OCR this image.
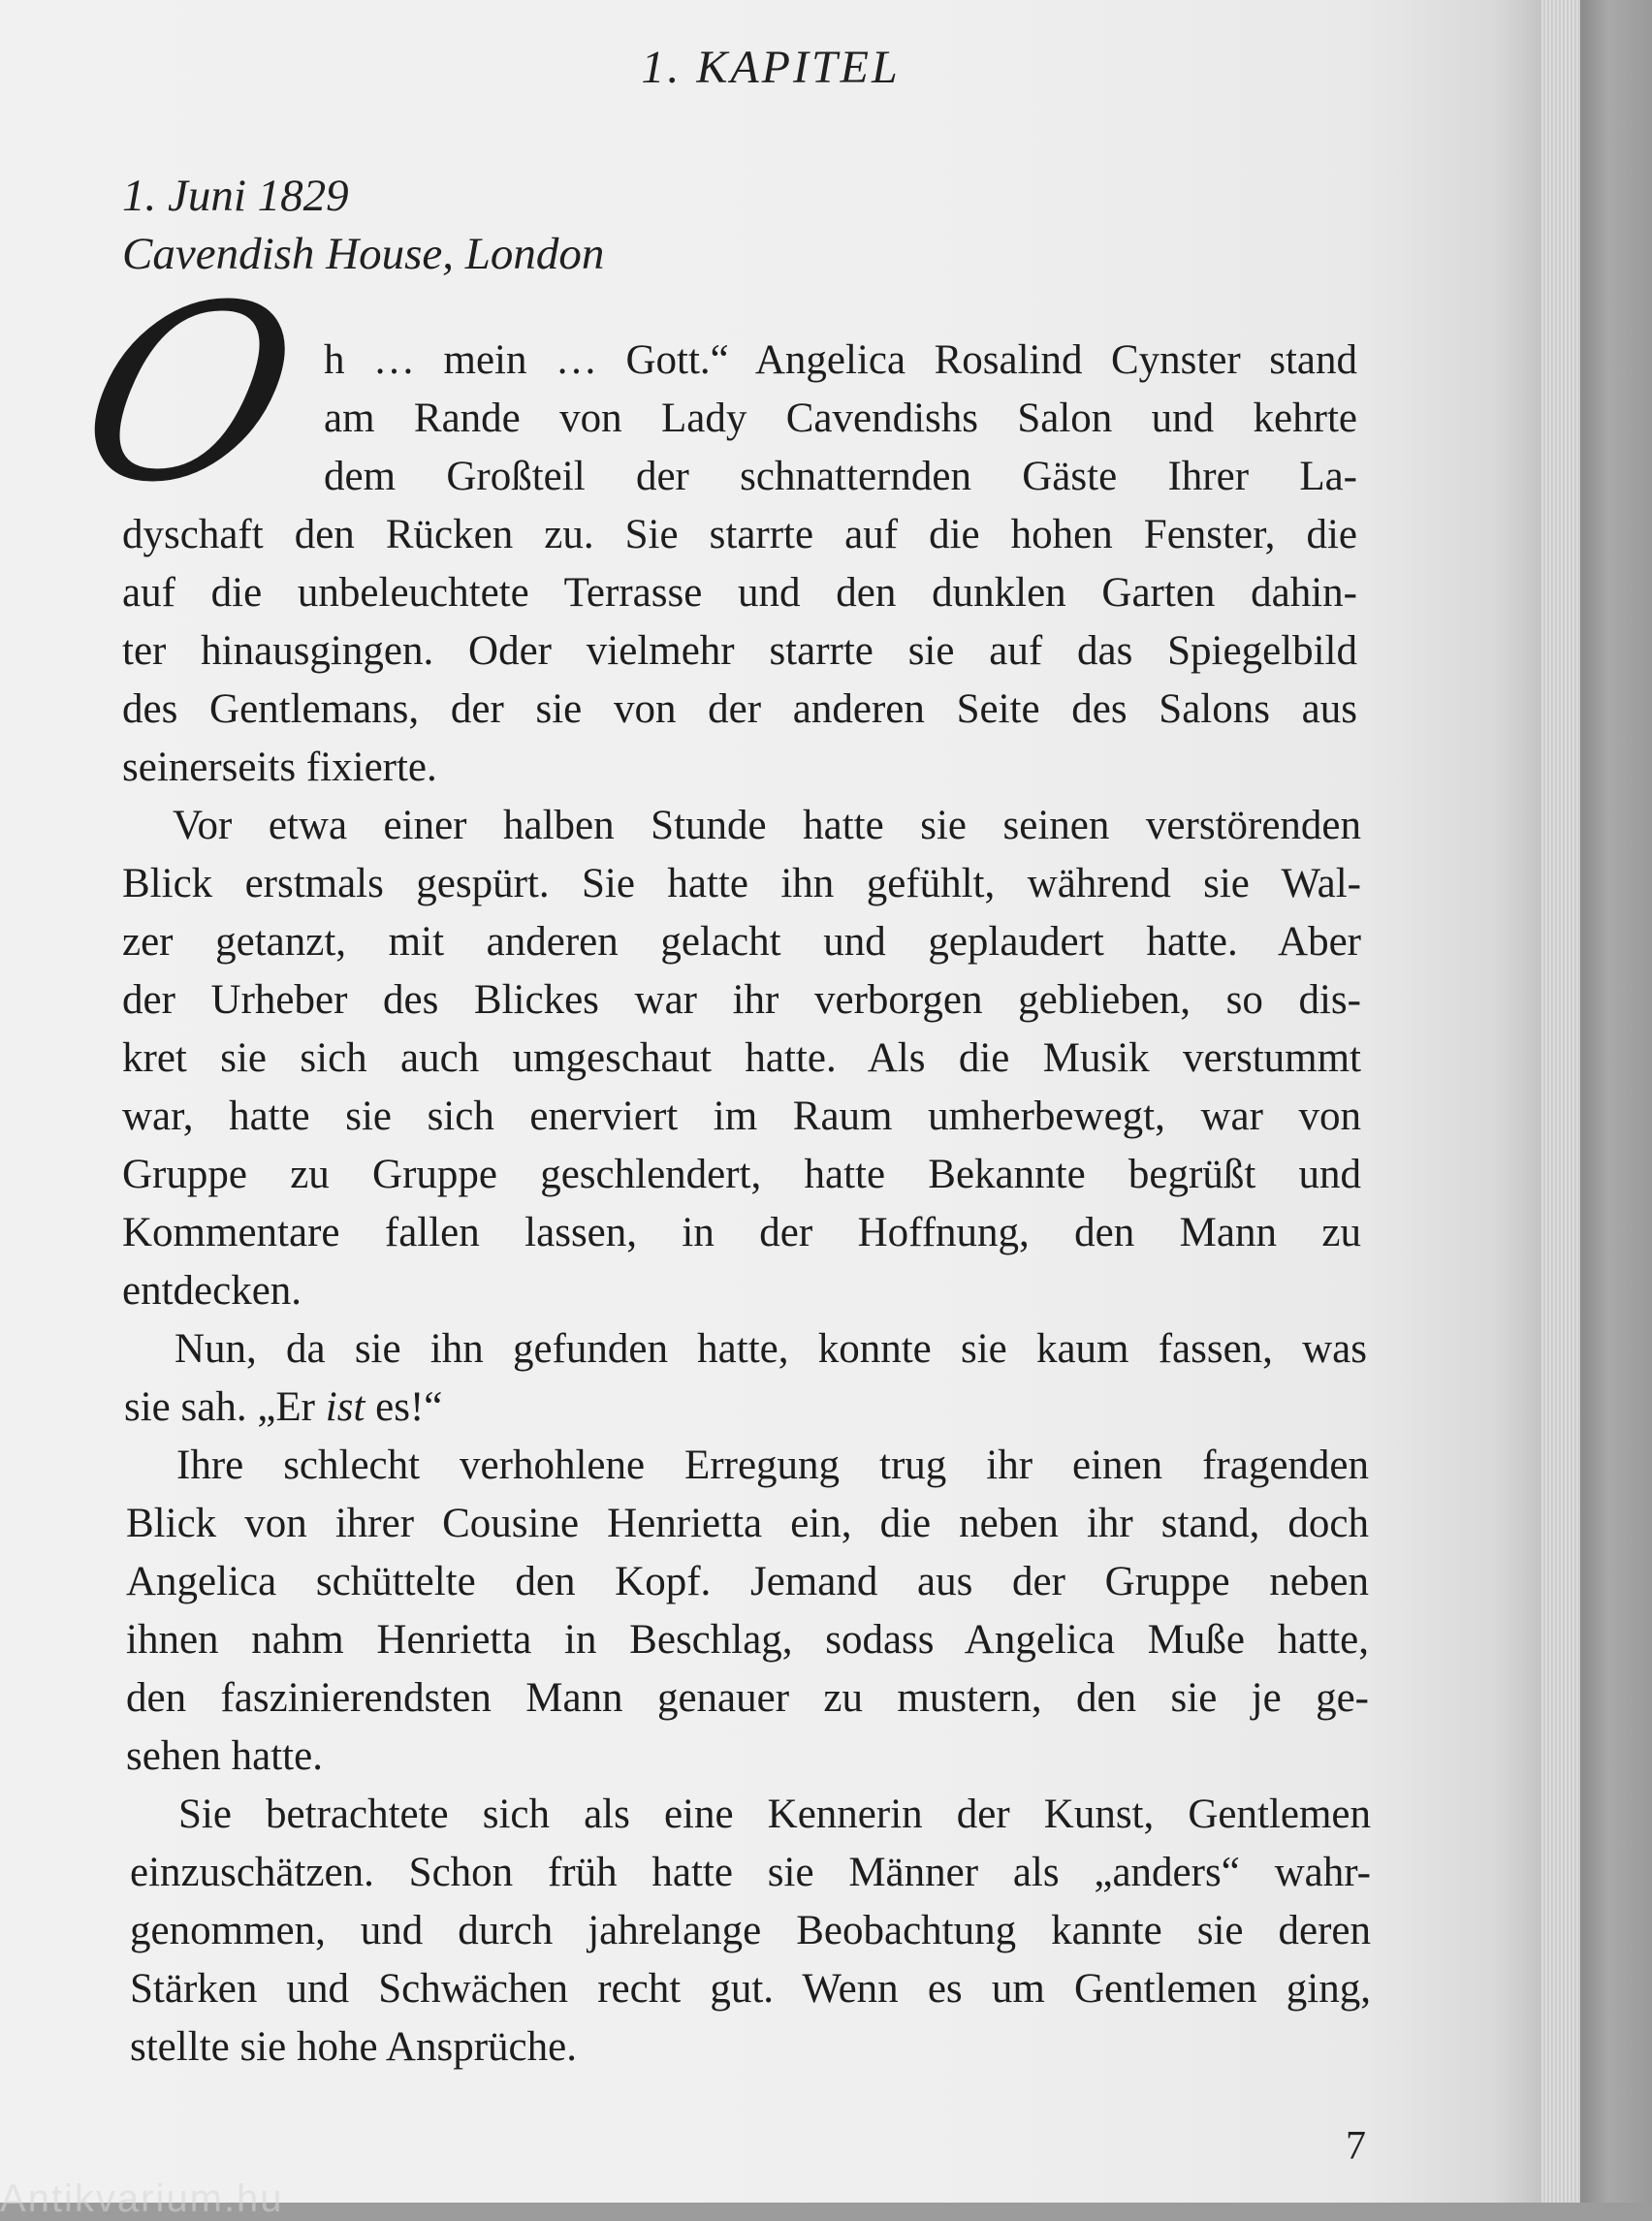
1. KAPITEL
1. Juni 1829
Cavendish House, London
O h … mein … Gott.“ Angelica Rosalind Cynster stand
am Rande von Lady Cavendishs Salon und kehrte
dem Großteil der schnatternden Gäste Ihrer La-
dyschaft den Rücken zu. Sie starrte auf die hohen Fenster, die
auf die unbeleuchtete Terrasse und den dunklen Garten dahin-
ter hinausgingen. Oder vielmehr starrte sie auf das Spiegelbild
des Gentlemans, der sie von der anderen Seite des Salons aus
seinerseits fixierte.
Vor etwa einer halben Stunde hatte sie seinen verstörenden
Blick erstmals gespürt. Sie hatte ihn gefühlt, während sie Wal-
zer getanzt, mit anderen gelacht und geplaudert hatte. Aber
der Urheber des Blickes war ihr verborgen geblieben, so dis-
kret sie sich auch umgeschaut hatte. Als die Musik verstummt
war, hatte sie sich enerviert im Raum umherbewegt, war von
Gruppe zu Gruppe geschlendert, hatte Bekannte begrüßt und
Kommentare fallen lassen, in der Hoffnung, den Mann zu
entdecken.
Nun, da sie ihn gefunden hatte, konnte sie kaum fassen, was
sie sah. „Er ist es!“
Ihre schlecht verhohlene Erregung trug ihr einen fragenden
Blick von ihrer Cousine Henrietta ein, die neben ihr stand, doch
Angelica schüttelte den Kopf. Jemand aus der Gruppe neben
ihnen nahm Henrietta in Beschlag, sodass Angelica Muße hatte,
den faszinierendsten Mann genauer zu mustern, den sie je ge-
sehen hatte.
Sie betrachtete sich als eine Kennerin der Kunst, Gentlemen
einzuschätzen. Schon früh hatte sie Männer als „anders“ wahr-
genommen, und durch jahrelange Beobachtung kannte sie deren
Stärken und Schwächen recht gut. Wenn es um Gentlemen ging,
stellte sie hohe Ansprüche.
7
Antikvarium.hu
